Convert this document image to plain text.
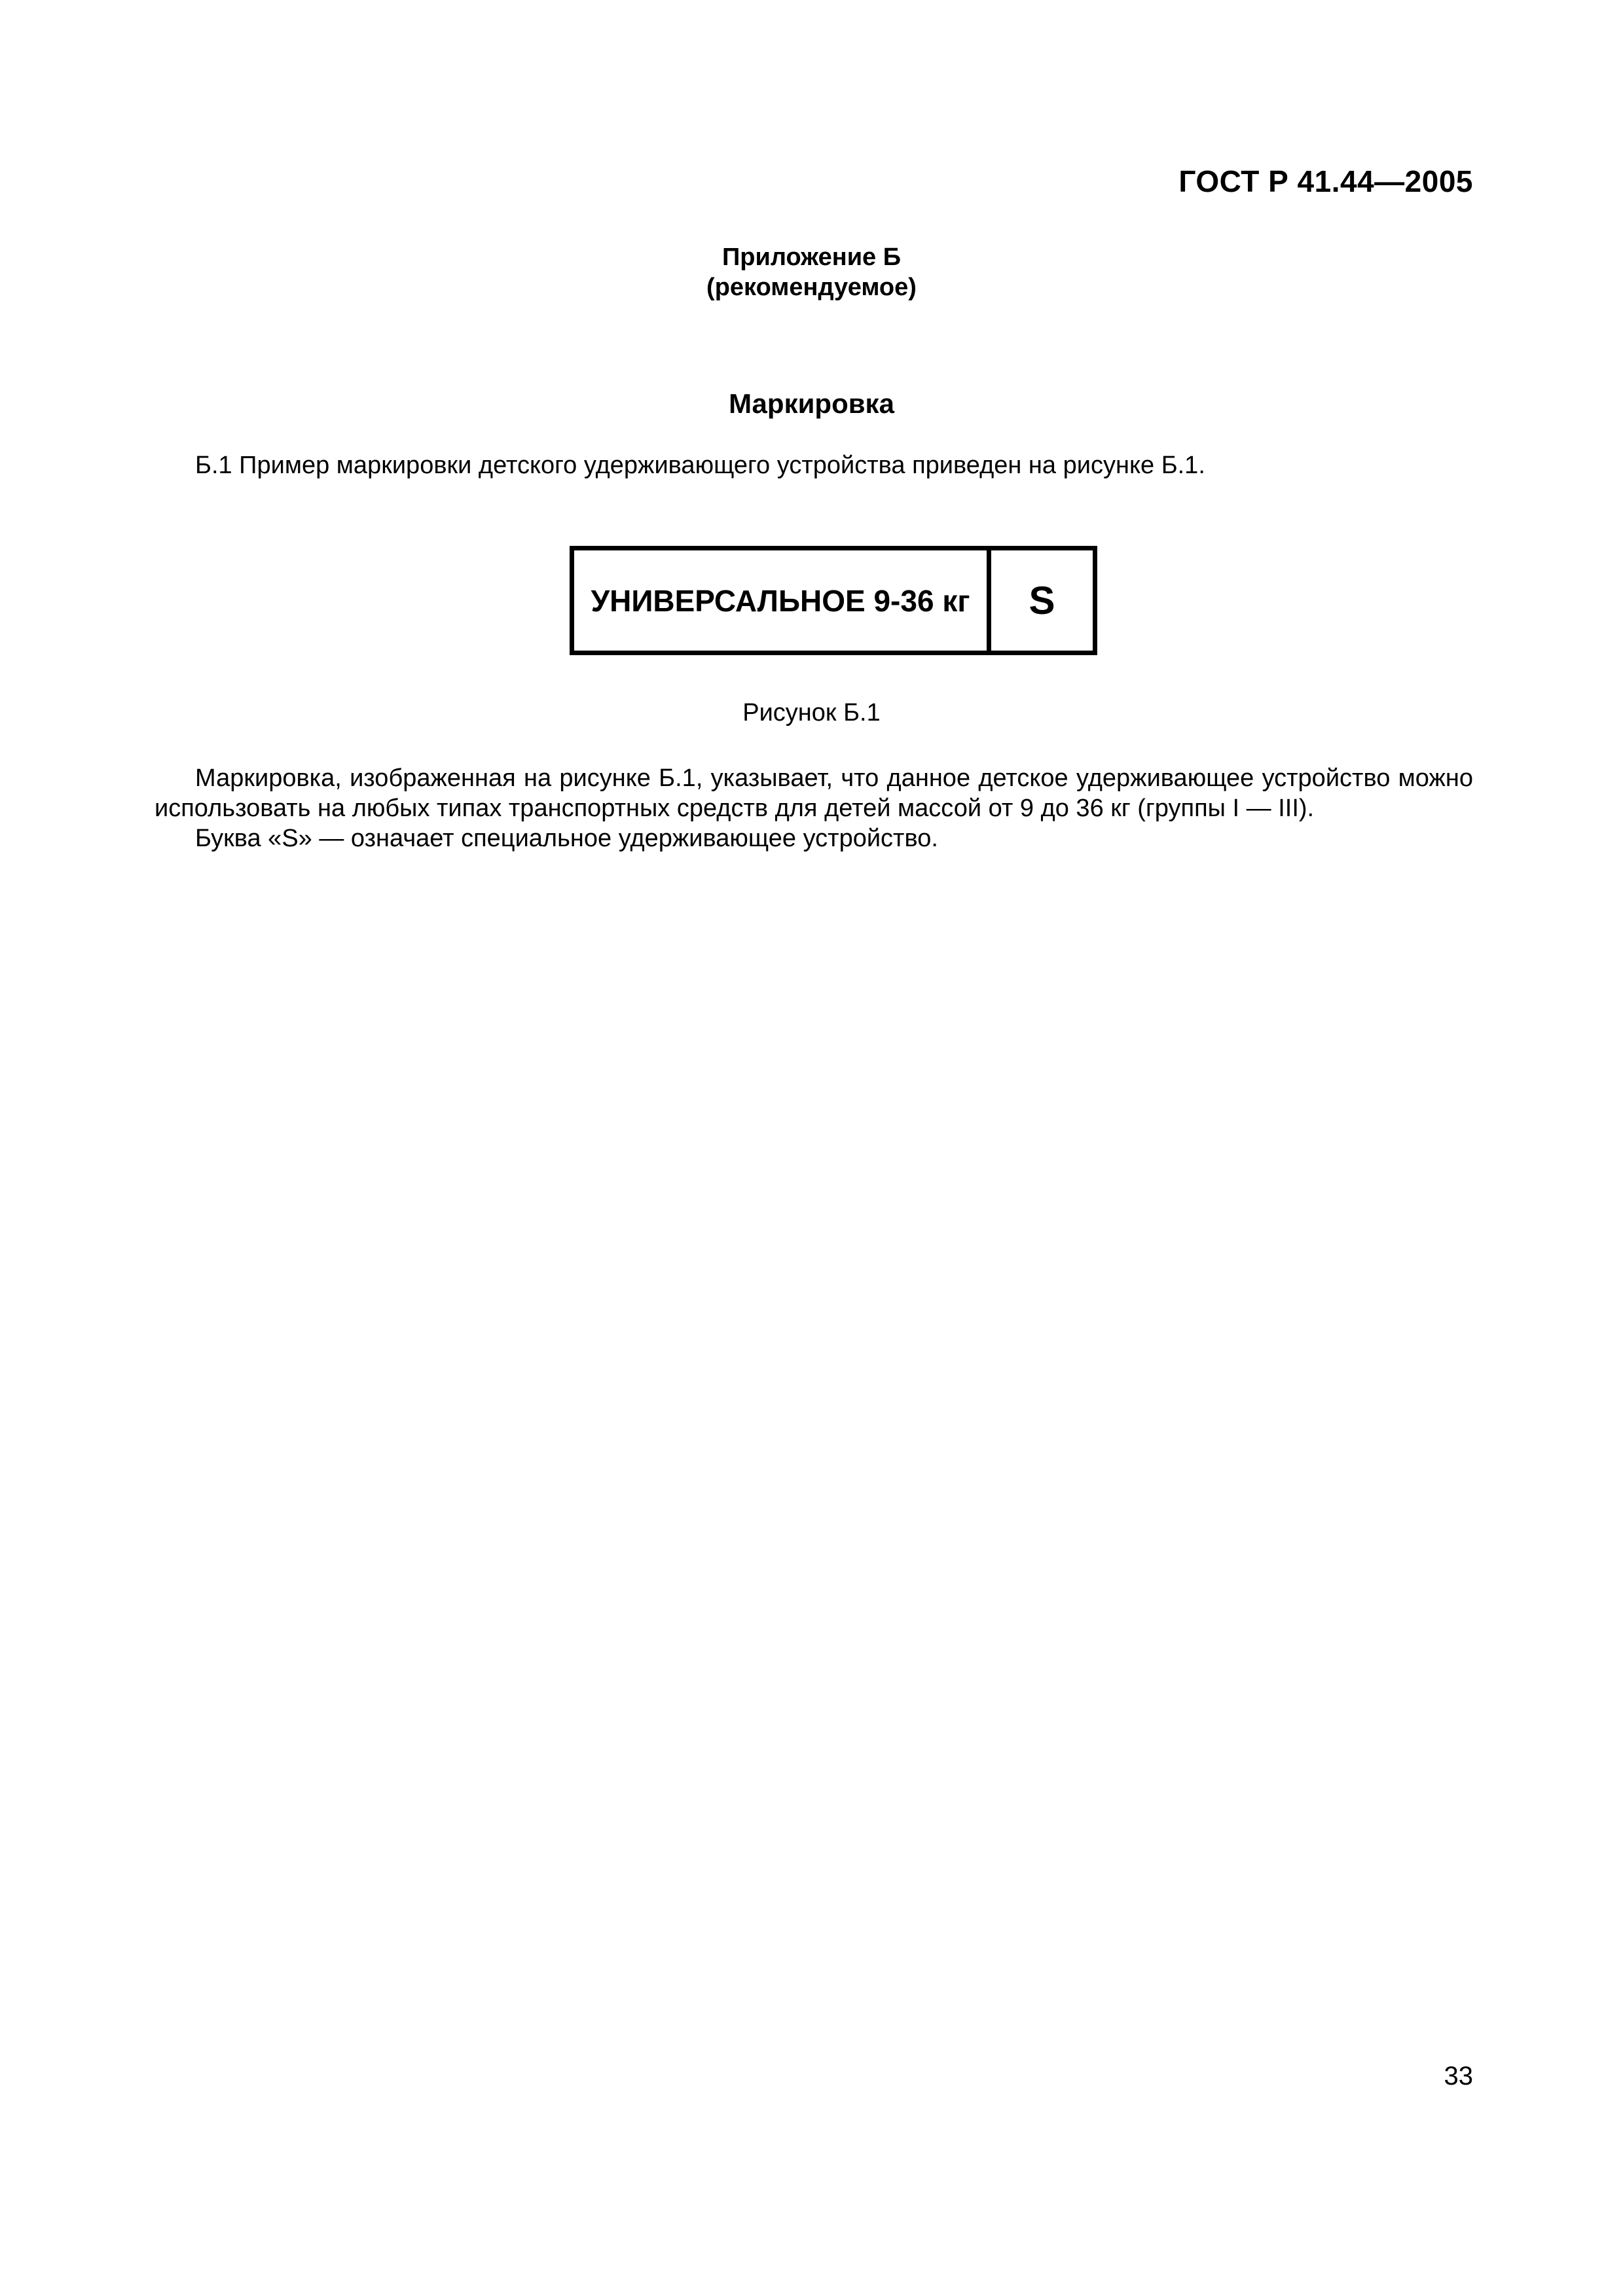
ГОСТ Р 41.44—2005
Приложение Б
(рекомендуемое)
Маркировка
Б.1 Пример маркировки детского удерживающего устройства приведен на рисунке Б.1.
УНИВЕРСАЛЬНОЕ 9-36 кг	S
Рисунок Б.1

Маркировка, изображенная на рисунке Б.1, указывает, что данное детское удерживающее устройство можно использовать на любых типах транспортных средств для детей массой от 9 до 36 кг (группы I — III).

Буква «S» — означает специальное удерживающее устройство.

33
